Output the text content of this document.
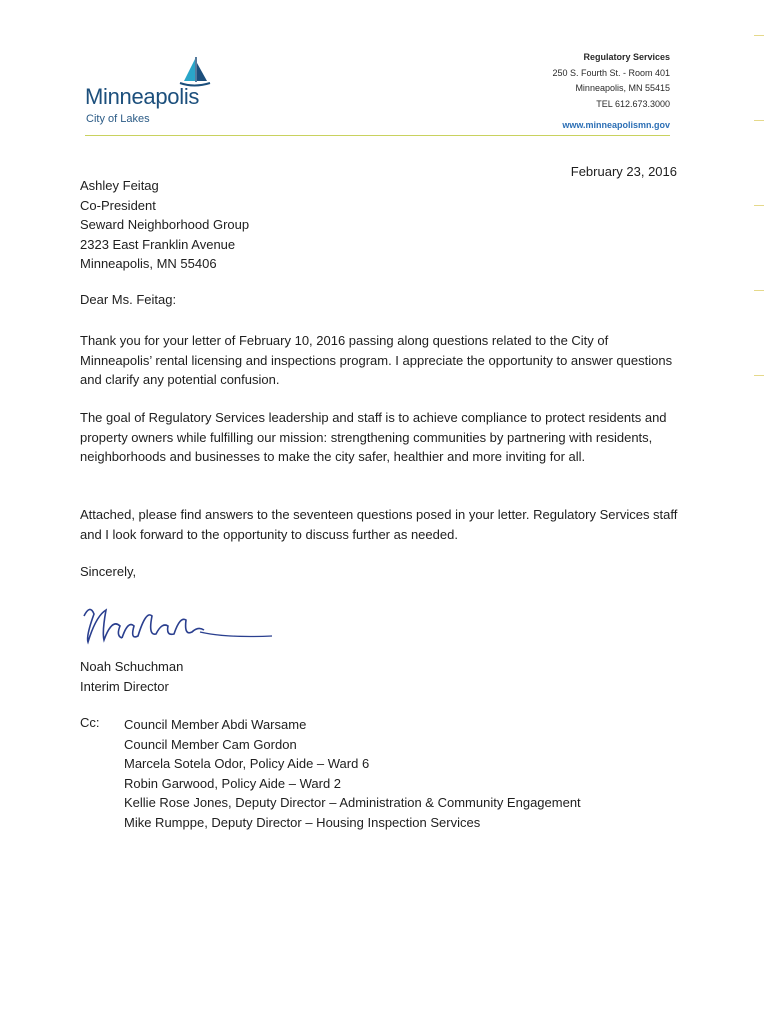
Minneapolis
City of Lakes
Regulatory Services
250 S. Fourth St. - Room 401
Minneapolis, MN 55415
TEL 612.673.3000
www.minneapolismn.gov
February 23, 2016
Ashley Feitag
Co-President
Seward Neighborhood Group
2323 East Franklin Avenue
Minneapolis, MN 55406
Dear Ms. Feitag:

Thank you for your letter of February 10, 2016 passing along questions related to the City of Minneapolis’ rental licensing and inspections program. I appreciate the opportunity to answer questions and clarify any potential confusion.

The goal of Regulatory Services leadership and staff is to achieve compliance to protect residents and property owners while fulfilling our mission: strengthening communities by partnering with residents, neighborhoods and businesses to make the city safer, healthier and more inviting for all.

Attached, please find answers to the seventeen questions posed in your letter. Regulatory Services staff and I look forward to the opportunity to discuss further as needed.

Sincerely,
Noah Schuchman
Interim Director
Cc: Council Member Abdi Warsame
Council Member Cam Gordon
Marcela Sotela Odor, Policy Aide – Ward 6
Robin Garwood, Policy Aide – Ward 2
Kellie Rose Jones, Deputy Director – Administration & Community Engagement
Mike Rumppe, Deputy Director – Housing Inspection Services
